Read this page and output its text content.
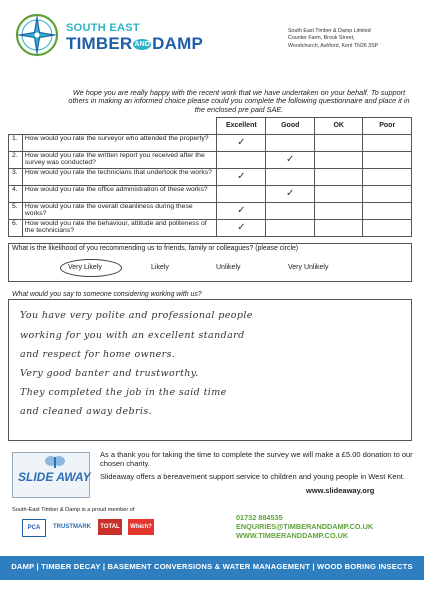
SOUTH EAST
TIMBER AND DAMP
South East Timber & Damp Limited
Counter Farm, Brook Street,
Woodchurch, Ashford, Kent TN26 3SP
We hope you are really happy with the recent work that we have undertaken on your behalf. To support others in making an informed choice please could you complete the following questionnaire and place it in the enclosed pre paid SAE.
		Excellent	Good	OK	Poor
1.	How would you rate the surveyor who attended the property?	✓			
2.	How would you rate the written report you received after the survey was conducted?		✓		
3.	How would you rate the technicians that undertook the works?	✓			
4.	How would you rate the office administration of these works?		✓		
5.	How would you rate the overall cleanliness during these works?	✓			
6.	How would you rate the behaviour, attitude and politeness of the technicians?	✓			
What is the likelihood of you recommending us to friends, family or colleagues? (please circle)
Very Likely	Likely	Unlikely	Very Unlikely
What would you say to someone considering working with us?
You have very polite and professional people
working for you with an excellent standard
and respect for home owners.
Very good banter and trustworthy.
They completed the job in the said time
and cleaned away debris.
SLIDE AWAY
As a thank you for taking the time to complete the survey we will make a £5.00 donation to our chosen charity.
Slideaway offers a bereavement support service to children and young people in West Kent.
www.slideaway.org
South-East Timber & Damp is a proud member of
PCA	TRUSTMARK	TOTAL	Which?
01732 884535
ENQUIRIES@TIMBERANDDAMP.CO.UK
WWW.TIMBERANDDAMP.CO.UK
DAMP | TIMBER DECAY | BASEMENT CONVERSIONS & WATER MANAGEMENT | WOOD BORING INSECTS
